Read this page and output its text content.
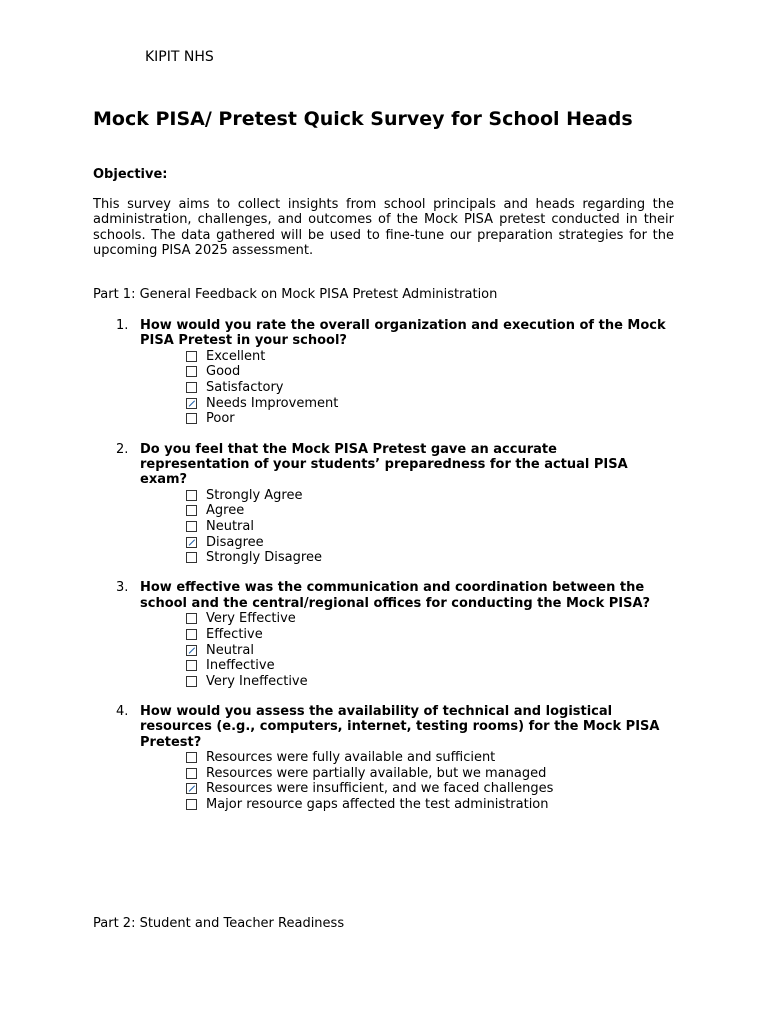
KIPIT NHS
Mock PISA/ Pretest Quick Survey for School Heads
Objective:

This survey aims to collect insights from school principals and heads regarding the administration, challenges, and outcomes of the Mock PISA pretest conducted in their schools. The data gathered will be used to fine-tune our preparation strategies for the upcoming PISA 2025 assessment.

Part 1: General Feedback on Mock PISA Pretest Administration
1. How would you rate the overall organization and execution of the Mock PISA Pretest in your school?
Excellent
Good
Satisfactory
Needs Improvement
Poor
2. Do you feel that the Mock PISA Pretest gave an accurate representation of your students’ preparedness for the actual PISA exam?
Strongly Agree
Agree
Neutral
Disagree
Strongly Disagree
3. How effective was the communication and coordination between the school and the central/regional offices for conducting the Mock PISA?
Very Effective
Effective
Neutral
Ineffective
Very Ineffective
4. How would you assess the availability of technical and logistical resources (e.g., computers, internet, testing rooms) for the Mock PISA Pretest?
Resources were fully available and sufficient
Resources were partially available, but we managed
Resources were insufficient, and we faced challenges
Major resource gaps affected the test administration
Part 2: Student and Teacher Readiness
